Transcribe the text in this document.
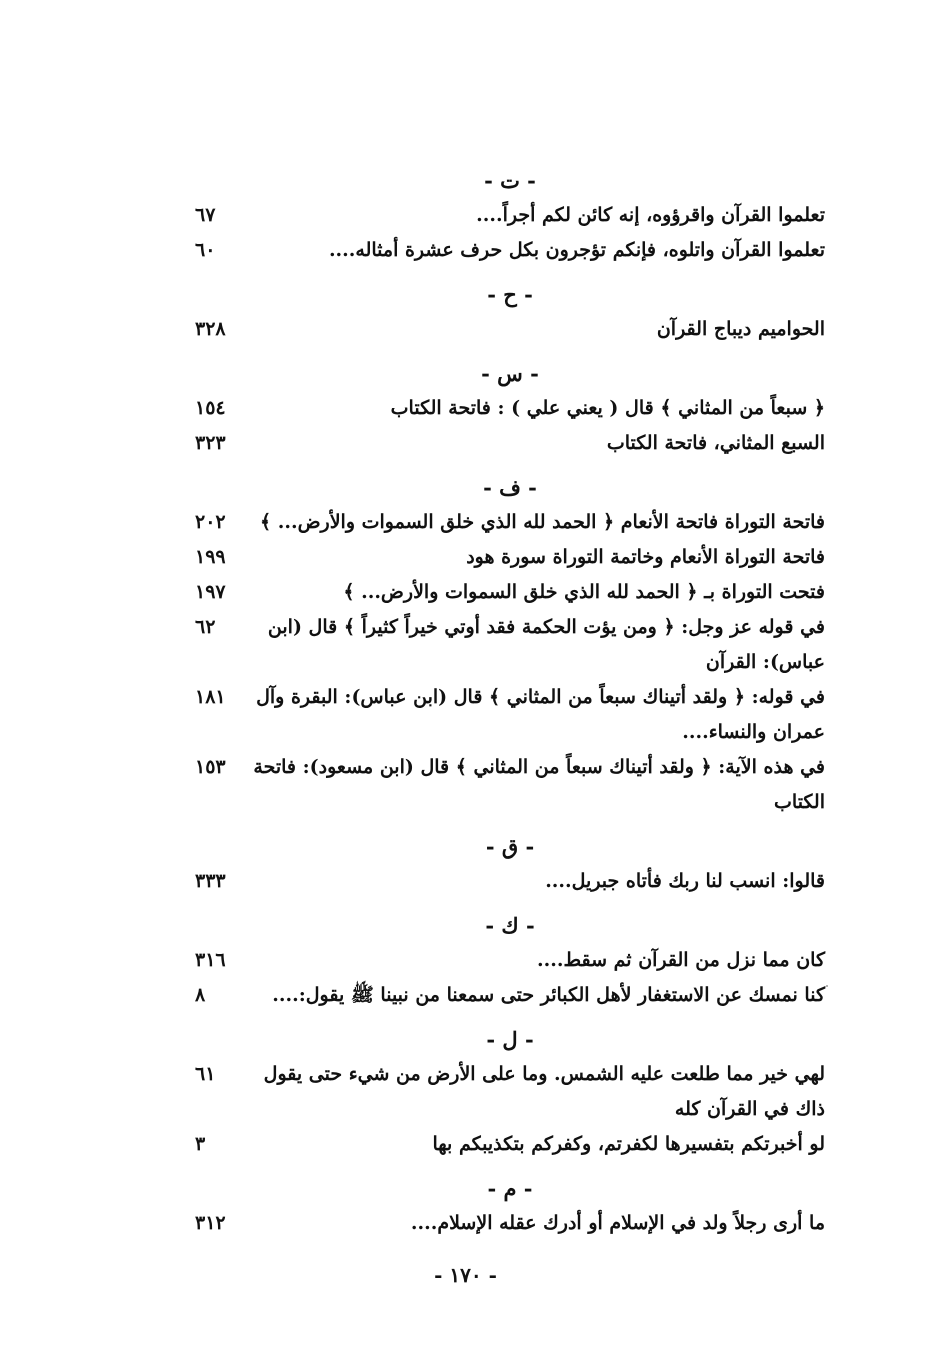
- ت -
تعلموا القرآن واقرؤوه، إنه كائن لكم أجراً....
٦٧
تعلموا القرآن واتلوه، فإنكم تؤجرون بكل حرف عشرة أمثاله....
٦٠
- ح -
الحواميم ديباج القرآن
٣٢٨
- س -
﴿ سبعاً من المثاني ﴾ قال ( يعني علي ) : فاتحة الكتاب
١٥٤
السبع المثاني، فاتحة الكتاب
٣٢٣
- ف -
فاتحة التوراة فاتحة الأنعام ﴿ الحمد لله الذي خلق السموات والأرض... ﴾
٢٠٢
فاتحة التوراة الأنعام وخاتمة التوراة سورة هود
١٩٩
فتحت التوراة بـ ﴿ الحمد لله الذي خلق السموات والأرض... ﴾
١٩٧
في قوله عز وجل: ﴿ ومن يؤت الحكمة فقد أوتي خيراً كثيراً ﴾ قال (ابن عباس): القرآن
٦٢
في قوله: ﴿ ولقد أتيناك سبعاً من المثاني ﴾ قال (ابن عباس): البقرة وآل عمران والنساء....
١٨١
في هذه الآية: ﴿ ولقد أتيناك سبعاً من المثاني ﴾ قال (ابن مسعود): فاتحة الكتاب
١٥٣
- ق -
قالوا: انسب لنا ربك فأتاه جبريل....
٣٣٣
- ك -
كان مما نزل من القرآن ثم سقط....
٣١٦
كنا نمسك عن الاستغفار لأهل الكبائر حتى سمعنا من نبينا ﷺ يقول:....
٨
- ل -
لهي خير مما طلعت عليه الشمس. وما على الأرض من شيء حتى يقول ذاك في القرآن كله
٦١
لو أخبرتكم بتفسيرها لكفرتم، وكفركم بتكذيبكم بها
٣
- م -
ما أرى رجلاً ولد في الإسلام أو أدرك عقله الإسلام....
٣١٢
- ١٧٠ -
